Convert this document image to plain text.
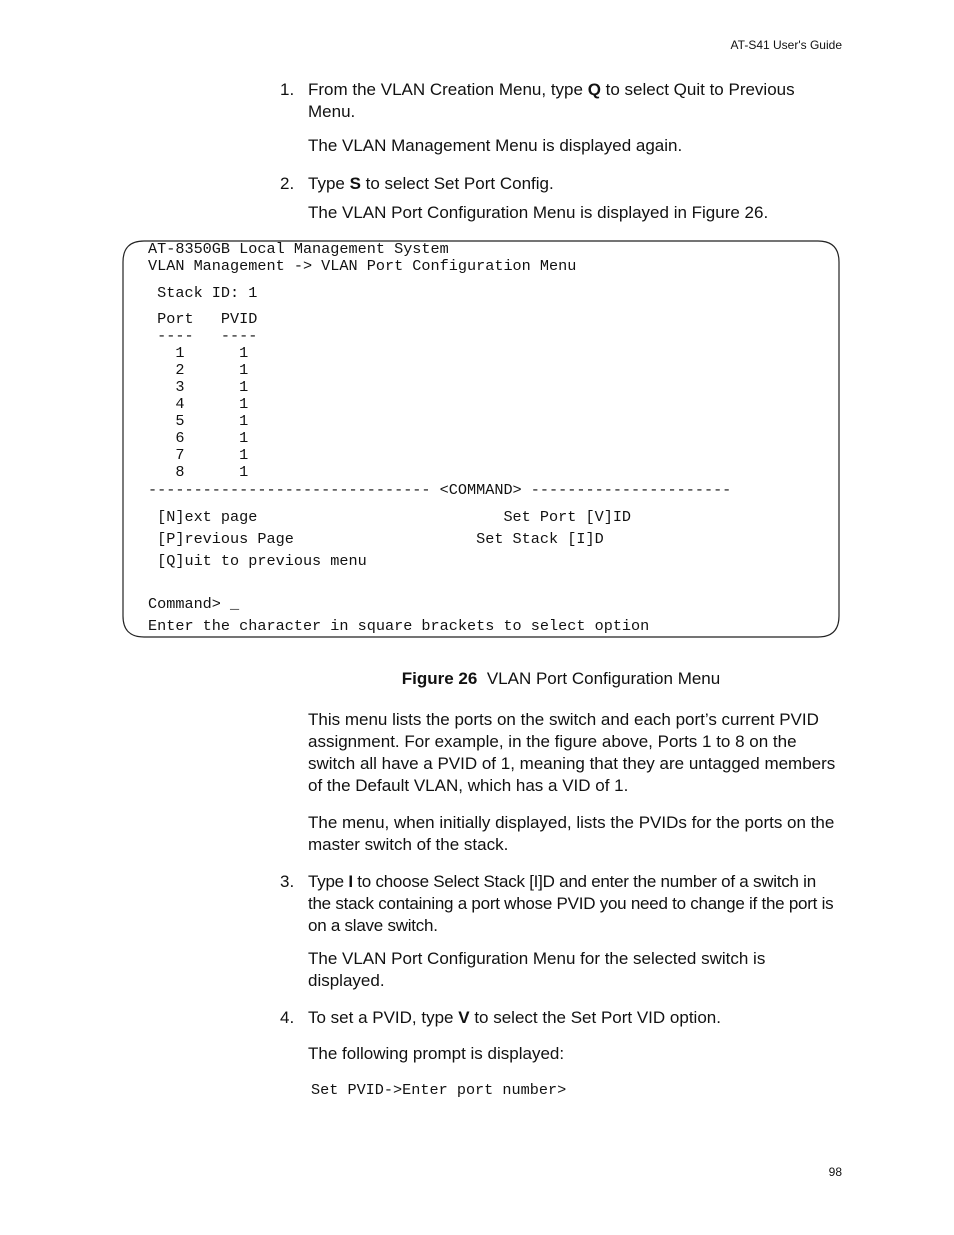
AT-S41 User's Guide
1. From the VLAN Creation Menu, type Q to select Quit to Previous Menu.

The VLAN Management Menu is displayed again.

2. Type S to select Set Port Config.

The VLAN Port Configuration Menu is displayed in Figure 26.

AT-8350GB Local Management System
VLAN Management -> VLAN Port Configuration Menu
Stack ID: 1
Port   PVID
----   ----
1      1
2      1
3      1
4      1
5      1
6      1
7      1
8      1
------------------------------- <COMMAND> ----------------------
[N]ext page                           Set Port [V]ID
[P]revious Page                    Set Stack [I]D
[Q]uit to previous menu
Command> _
Enter the character in square brackets to select option
Figure 26 VLAN Port Configuration Menu

This menu lists the ports on the switch and each port’s current PVID assignment. For example, in the figure above, Ports 1 to 8 on the switch all have a PVID of 1, meaning that they are untagged members of the Default VLAN, which has a VID of 1.

The menu, when initially displayed, lists the PVIDs for the ports on the master switch of the stack.

3. Type I to choose Select Stack [I]D and enter the number of a switch in the stack containing a port whose PVID you need to change if the port is on a slave switch.

The VLAN Port Configuration Menu for the selected switch is displayed.

4. To set a PVID, type V to select the Set Port VID option.

The following prompt is displayed:

Set PVID->Enter port number>
98
